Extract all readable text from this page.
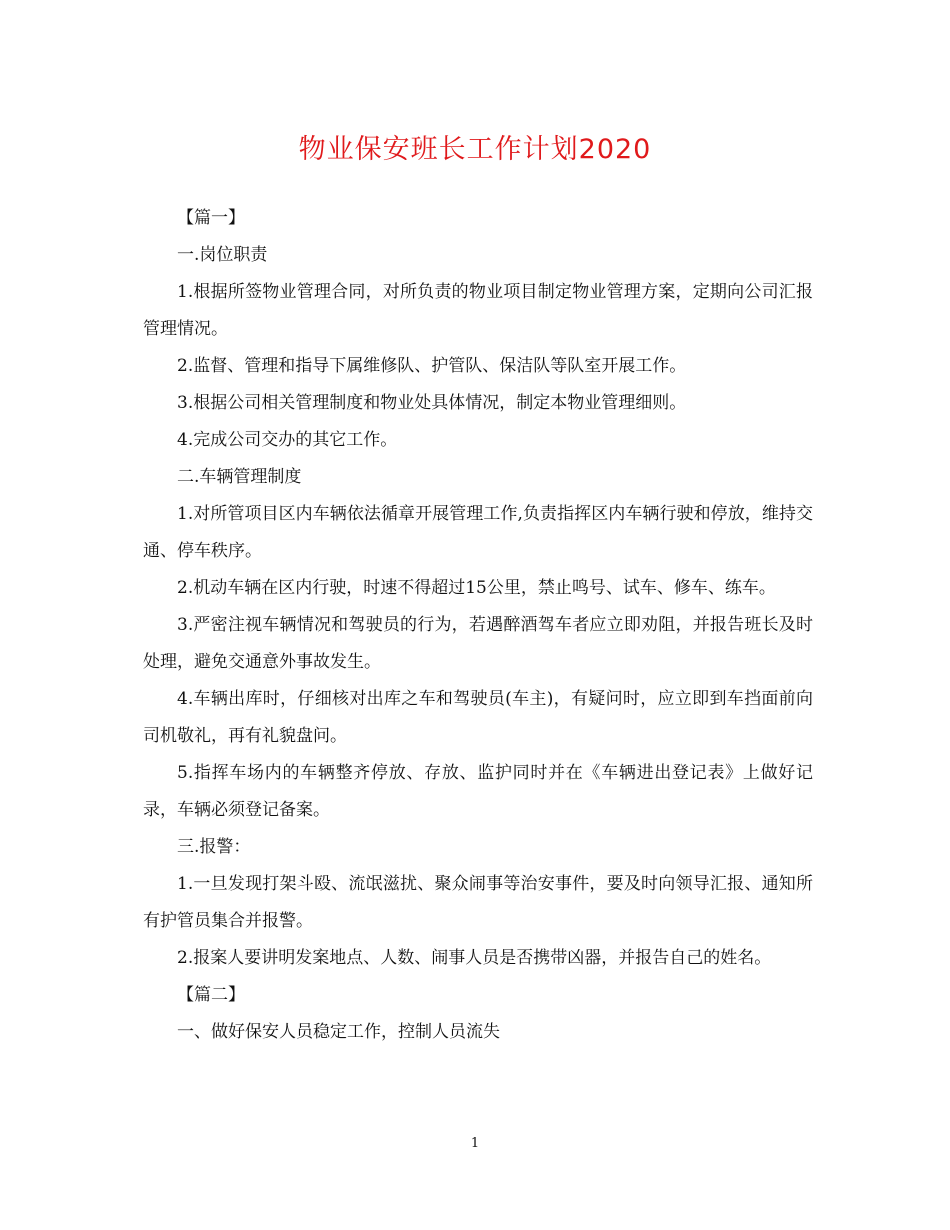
物业保安班长工作计划2020

【篇一】

一.岗位职责

1.根据所签物业管理合同，对所负责的物业项目制定物业管理方案，定期向公司汇报管理情况。

2.监督、管理和指导下属维修队、护管队、保洁队等队室开展工作。

3.根据公司相关管理制度和物业处具体情况，制定本物业管理细则。

4.完成公司交办的其它工作。

二.车辆管理制度

1.对所管项目区内车辆依法循章开展管理工作,负责指挥区内车辆行驶和停放，维持交通、停车秩序。

2.机动车辆在区内行驶，时速不得超过15公里，禁止鸣号、试车、修车、练车。

3.严密注视车辆情况和驾驶员的行为，若遇醉酒驾车者应立即劝阻，并报告班长及时处理，避免交通意外事故发生。

4.车辆出库时，仔细核对出库之车和驾驶员(车主)，有疑问时，应立即到车挡面前向司机敬礼，再有礼貌盘问。

5.指挥车场内的车辆整齐停放、存放、监护同时并在《车辆进出登记表》上做好记录，车辆必须登记备案。

三.报警：

1.一旦发现打架斗殴、流氓滋扰、聚众闹事等治安事件，要及时向领导汇报、通知所有护管员集合并报警。

2.报案人要讲明发案地点、人数、闹事人员是否携带凶器，并报告自己的姓名。

【篇二】

一、做好保安人员稳定工作，控制人员流失

1
